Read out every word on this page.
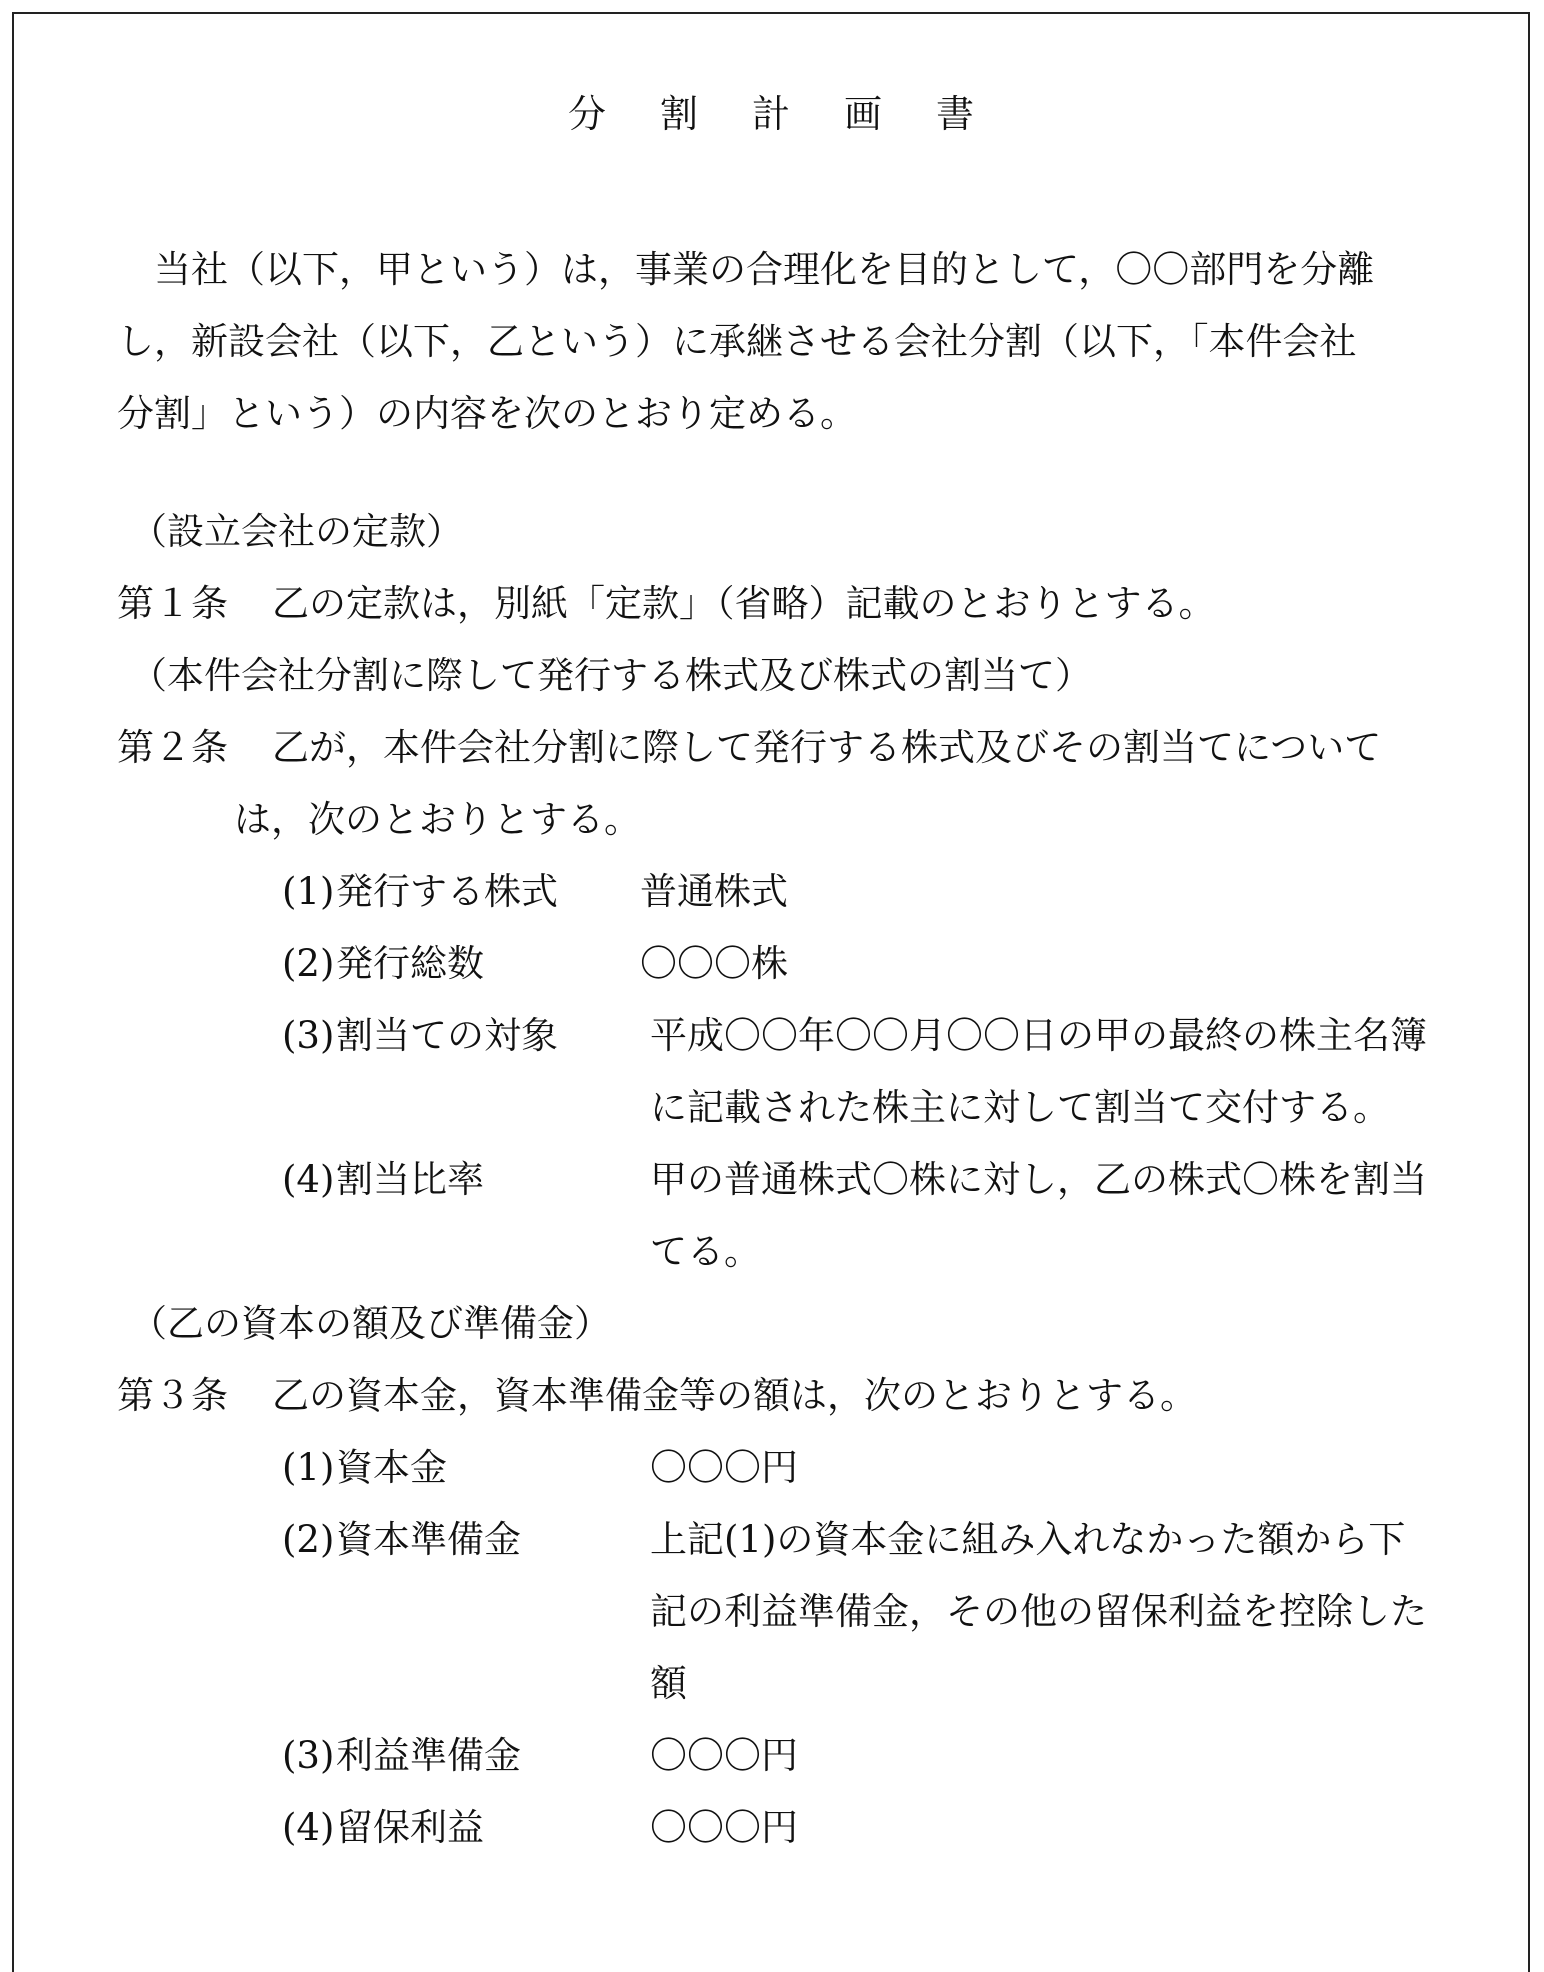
分割計画書
当社（以下，甲という）は，事業の合理化を目的として，〇〇部門を分離
し，新設会社（以下，乙という）に承継させる会社分割（以下，「本件会社
分割」という）の内容を次のとおり定める。
（設立会社の定款）
第１条 乙の定款は，別紙「定款」（省略）記載のとおりとする。
（本件会社分割に際して発行する株式及び株式の割当て）
第２条 乙が，本件会社分割に際して発行する株式及びその割当てについて
は，次のとおりとする。
(1) 発行する株式 普通株式
(2) 発行総数	〇〇〇株
(3) 割当ての対象 平成〇〇年〇〇月〇〇日の甲の最終の株主名簿
に記載された株主に対して割当て交付する。
(4) 割当比率	甲の普通株式〇株に対し，乙の株式〇株を割当
てる。
（乙の資本の額及び準備金）
第３条 乙の資本金，資本準備金等の額は，次のとおりとする。
(1) 資本金	〇〇〇円
(2) 資本準備金	上記(1)の資本金に組み入れなかった額から下
記の利益準備金，その他の留保利益を控除した
額
(3) 利益準備金	〇〇〇円
(4) 留保利益	〇〇〇円
